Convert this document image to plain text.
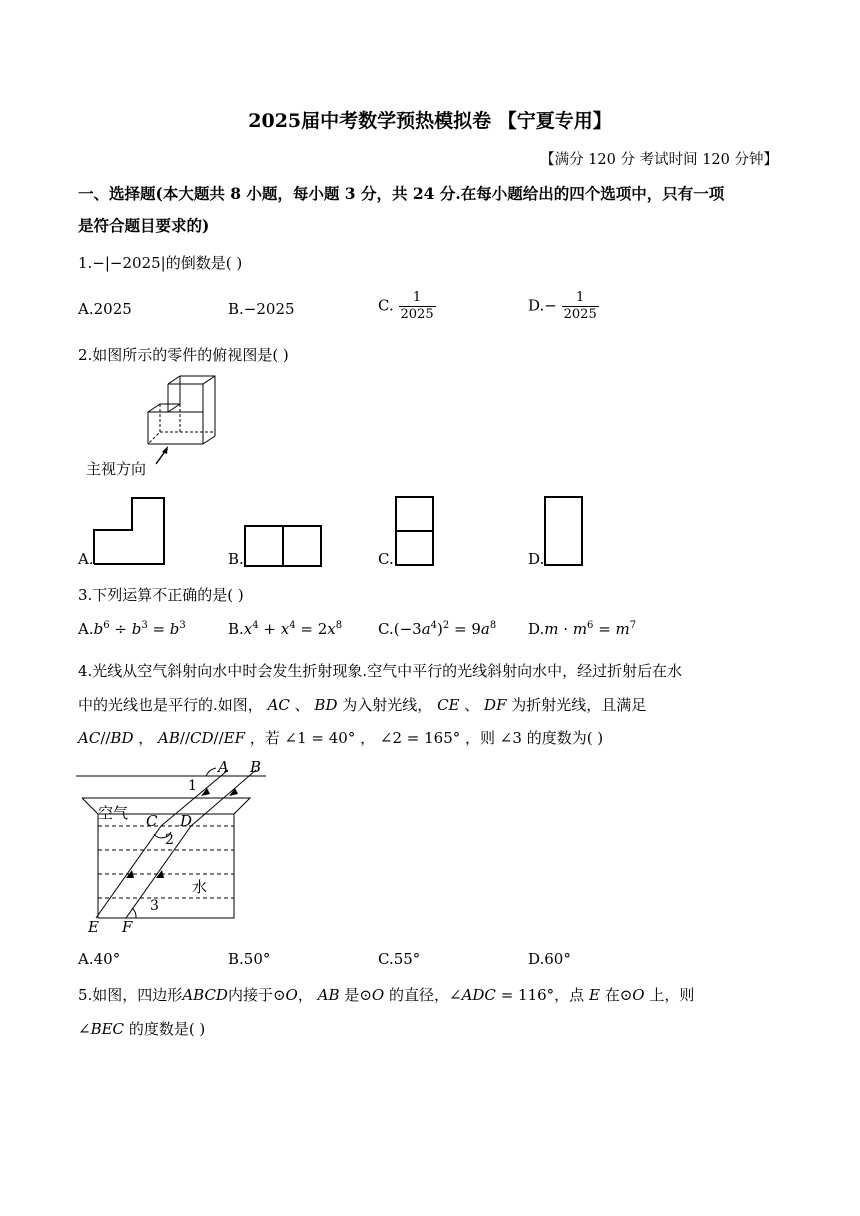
2025届中考数学预热模拟卷 【宁夏专用】
【满分 120 分 考试时间 120 分钟】
一、选择题(本大题共 8 小题，每小题 3 分，共 24 分.在每小题给出的四个选项中，只有一项
是符合题目要求的)
1.−|−2025|的倒数是( )
A.2025	B.−2025	C. $\frac{1}{2025}$	$D.- \frac{1}{2025}$
2.如图所示的零件的俯视图是( )
主视方向
A.	B.	C.	D.
3.下列运算不正确的是( )
$A.b^6 \div b^3 = b^3$	$B.x^4 + x^4 = 2x^8$ $C.(-3a^4)^2 = 9a^8$ $D.m \cdot m^6 = m^7$
4.光线从空气斜射向水中时会发生折射现象.空气中平行的光线斜射向水中，经过折射后在水
中的光线也是平行的.如图， AC 、 BD 为入射光线， CE 、 DF 为折射光线，且满足
AC//BD ， AB//CD//EF ，若 ∠1 = 40° ， ∠2 = 165° ，则 ∠3 的度数为( )
A B
1
空气 C D
2
水
3
E F
A.40°	B.50°	C.55°	D.60°
5.如图，四边形ABCD内接于⊙O， AB 是⊙O 的直径，∠ADC = 116°，点 E 在⊙O 上，则
∠BEC 的度数是( )
